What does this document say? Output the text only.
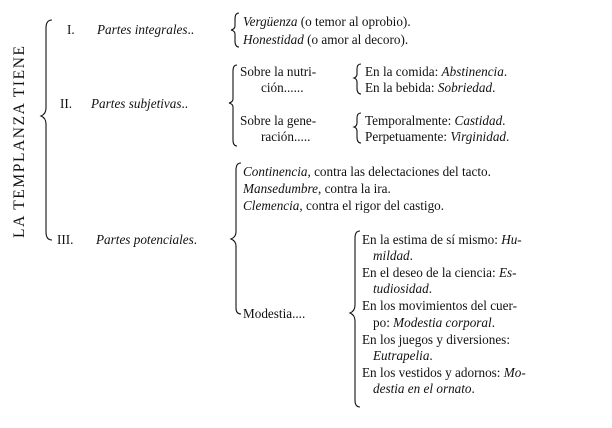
LA TEMPLANZA TIENE
I. Partes integrales..
Vergüenza (o temor al oprobio).
Honestidad (o amor al decoro).
II. Partes subjetivas..
Sobre la nutri-
ción......
En la comida: Abstinencia.
En la bebida: Sobriedad.
Sobre la gene-
ración.....
Temporalmente: Castidad.
Perpetuamente: Virginidad.
III. Partes potenciales.
Continencia, contra las delectaciones del tacto.
Mansedumbre, contra la ira.
Clemencia, contra el rigor del castigo.
Modestia....
En la estima de sí mismo: Hu-
mildad.
En el deseo de la ciencia: Es-
tudiosidad.
En los movimientos del cuer-
po: Modestia corporal.
En los juegos y diversiones:
Eutrapelia.
En los vestidos y adornos: Mo-
destia en el ornato.
